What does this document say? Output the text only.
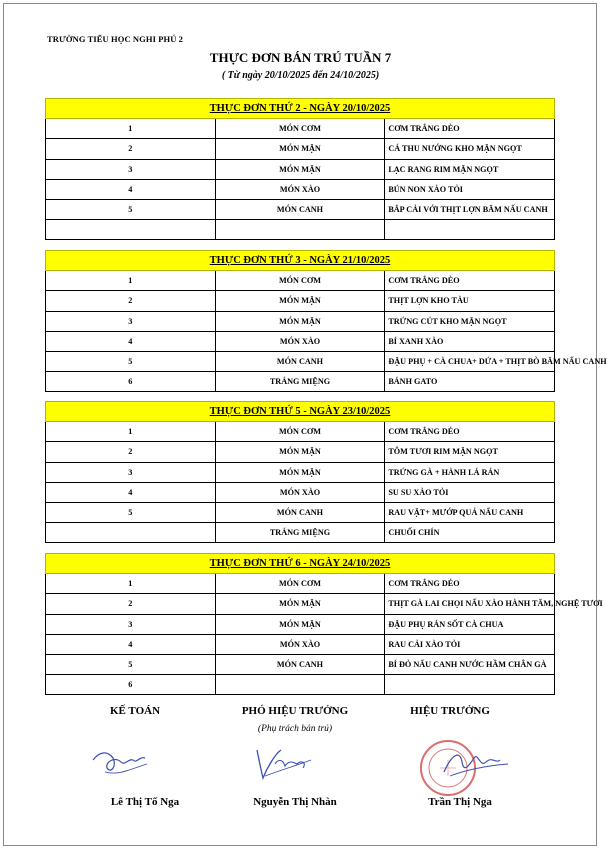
TRƯỜNG TIỂU HỌC NGHI PHÚ 2
THỰC ĐƠN BÁN TRÚ TUẦN 7
( Từ ngày 20/10/2025 đến 24/10/2025)
THỰC ĐƠN THỨ 2 - NGÀY 20/10/2025		
1	MÓN CƠM	CƠM TRẮNG DẺO
2	MÓN MẶN	CÁ THU NƯỚNG KHO MẶN NGỌT
3	MÓN MẶN	LẠC RANG RIM MẶN NGỌT
4	MÓN XÀO	BÚN NON XÀO TỎI
5	MÓN CANH	BẮP CẢI VỚI THỊT LỢN BĂM NẤU CANH

THỰC ĐƠN THỨ 3 - NGÀY 21/10/2025		
1	MÓN CƠM	CƠM TRẮNG DẺO
2	MÓN MẶN	THỊT LỢN KHO TÀU
3	MÓN MẶN	TRỨNG CÚT KHO MẶN NGỌT
4	MÓN XÀO	BÍ XANH XÀO
5	MÓN CANH	ĐẬU PHỤ + CÀ CHUA+ DỨA + THỊT BÒ BĂM NẤU CANH
6	TRÁNG MIỆNG	BÁNH GATO
THỰC ĐƠN THỨ 5 - NGÀY 23/10/2025		
1	MÓN CƠM	CƠM TRẮNG DẺO
2	MÓN MẶN	TÔM TƯƠI RIM MẶN NGỌT
3	MÓN MẶN	TRỨNG GÀ + HÀNH LÁ RÁN
4	MÓN XÀO	SU SU XÀO TỎI
5	MÓN CANH	RAU VẶT+ MƯỚP QUẢ NẤU CANH
	TRÁNG MIỆNG	CHUỐI CHÍN
THỰC ĐƠN THỨ 6 - NGÀY 24/10/2025		
1	MÓN CƠM	CƠM TRẮNG DẺO
2	MÓN MẶN	THỊT GÀ LAI CHỌI NẤU XÀO HÀNH TĂM, NGHỆ TƯƠI
3	MÓN MẶN	ĐẬU PHỤ RÁN SỐT CÀ CHUA
4	MÓN XÀO	RAU CẢI XÀO TỎI
5	MÓN CANH	BÍ ĐỎ NẤU CANH NƯỚC HẦM CHÂN GÀ
6		
KẾ TOÁN	PHÓ HIỆU TRƯỞNG
(Phụ trách bán trú)
HIỆU TRƯỞNG
Lê Thị Tố Nga	Nguyễn Thị Nhàn	Trần Thị Nga
